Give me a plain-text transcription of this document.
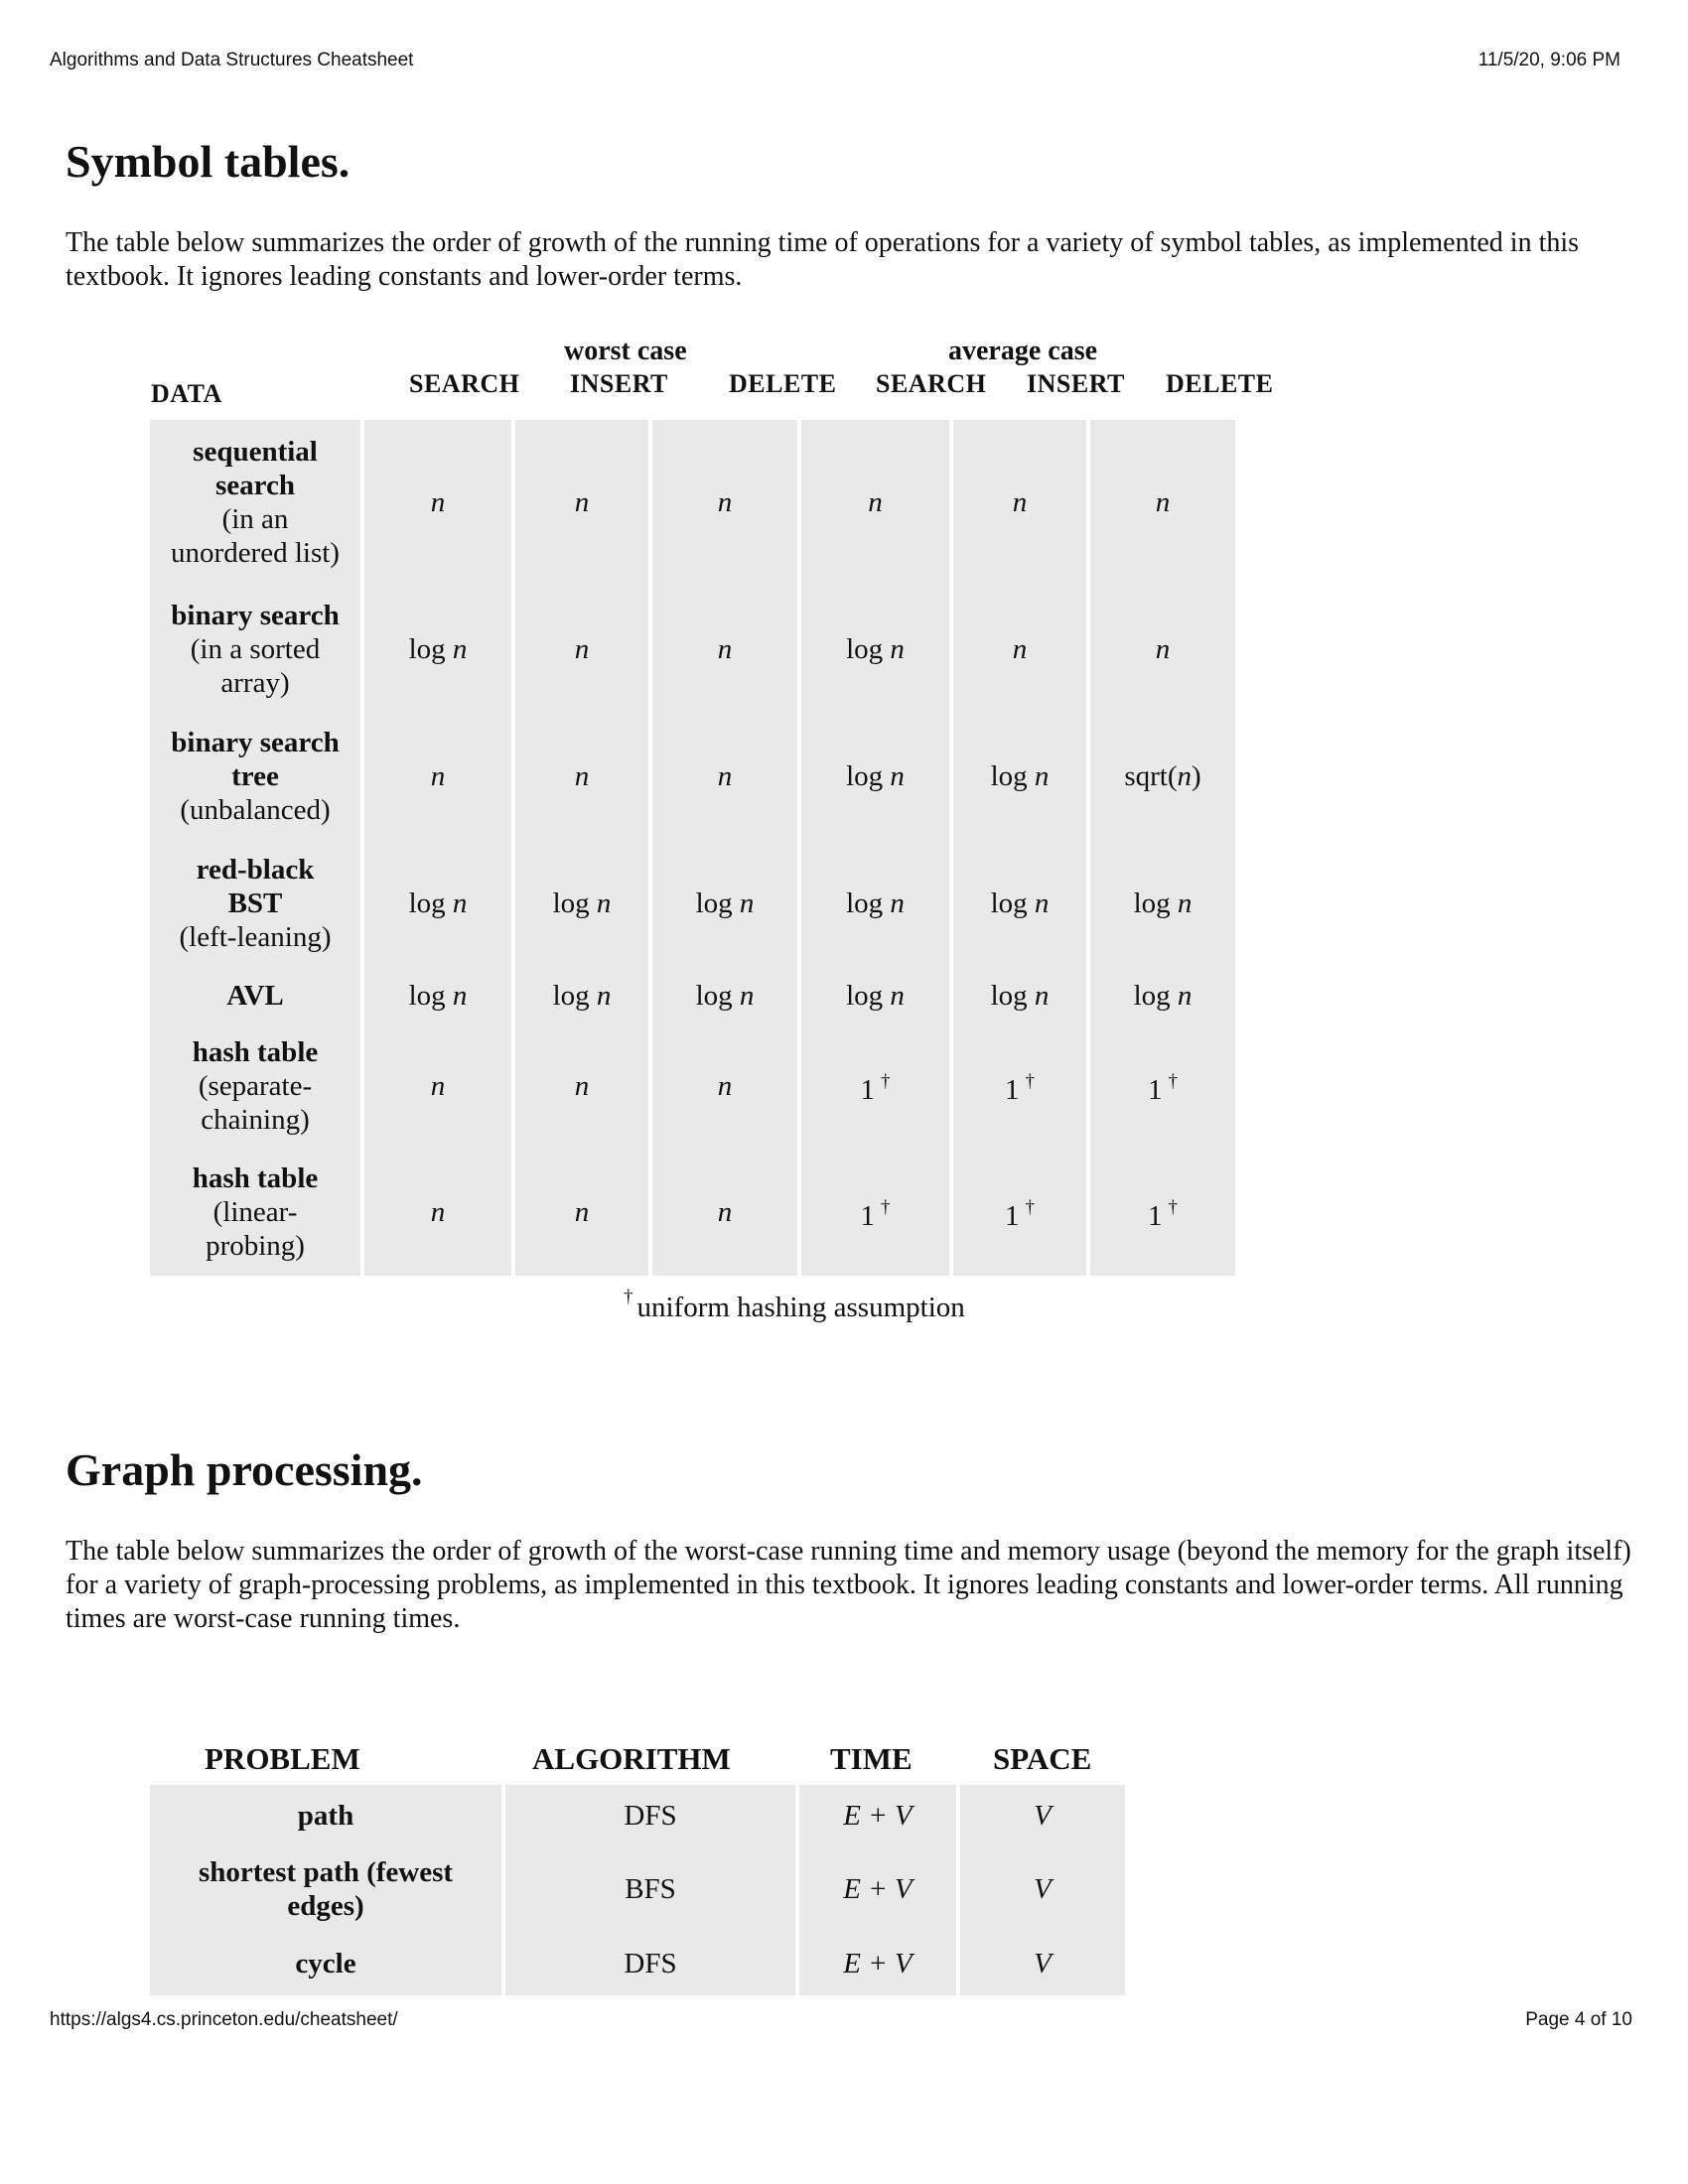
Algorithms and Data Structures Cheatsheet	11/5/20, 9:06 PM
Symbol tables.

The table below summarizes the order of growth of the running time of operations for a variety of symbol tables, as implemented in this textbook. It ignores leading constants and lower-order terms.

worst case	average case
DATA	SEARCH INSERT DELETE SEARCH INSERT DELETE
sequential
search
(in an
unordered list)	n	n	n	n	n	n

binary search
(in a sorted
array)	log n	n	n	log n	n	n

binary search
tree
(unbalanced)	n	n	n	log n	log n	sqrt(n)

red-black
BST
(left-leaning)	log n	log n	log n	log n	log n	log n

AVL	log n	log n	log n	log n	log n	log n

hash table
(separate-
chaining)	n	n	n	1 †	1 †	1 †

hash table
(linear-
probing)	n	n	n	1 †	1 †	1 †
† uniform hashing assumption
Graph processing.

The table below summarizes the order of growth of the worst-case running time and memory usage (beyond the memory for the graph itself) for a variety of graph-processing problems, as implemented in this textbook. It ignores leading constants and lower-order terms. All running times are worst-case running times.

PROBLEM	ALGORITHM	TIME	SPACE
path	DFS	E + V	V
shortest path (fewest edges)	BFS	E + V	V
cycle	DFS	E + V	V
https://algs4.cs.princeton.edu/cheatsheet/	Page 4 of 10
